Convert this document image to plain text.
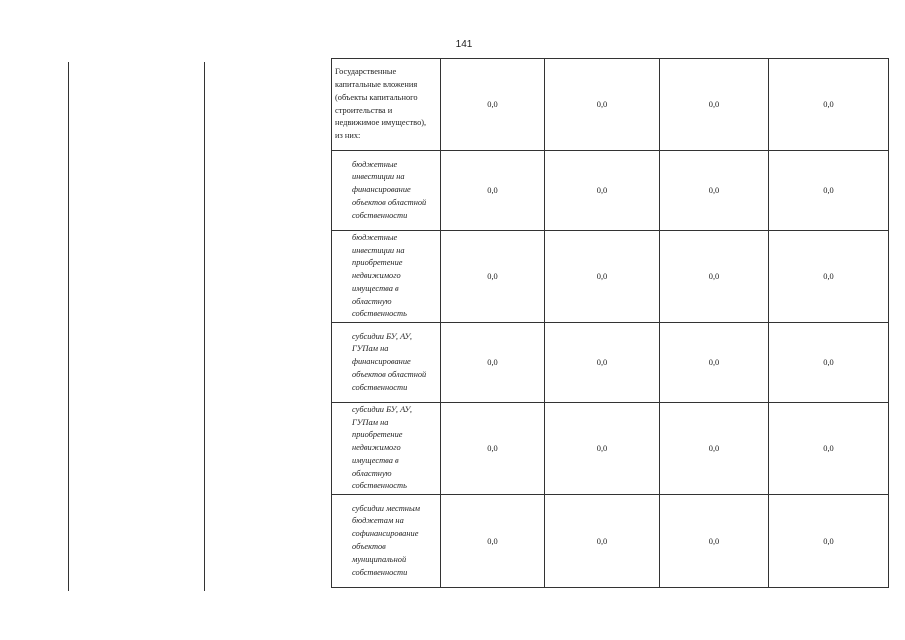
141
Государственные капитальные вложения (объекты капитального строительства и недвижимое имущество), из них:	0,0	0,0	0,0	0,0
бюджетные инвестиции на финансирование объектов областной собственности	0,0	0,0	0,0	0,0
бюджетные инвестиции на приобретение недвижимого имущества в областную собственность	0,0	0,0	0,0	0,0
субсидии БУ, АУ, ГУПам на финансирование объектов областной собственности	0,0	0,0	0,0	0,0
субсидии БУ, АУ, ГУПам на приобретение недвижимого имущества в областную собственность	0,0	0,0	0,0	0,0
субсидии местным бюджетам на софинансирование объектов муниципальной собственности	0,0	0,0	0,0	0,0
